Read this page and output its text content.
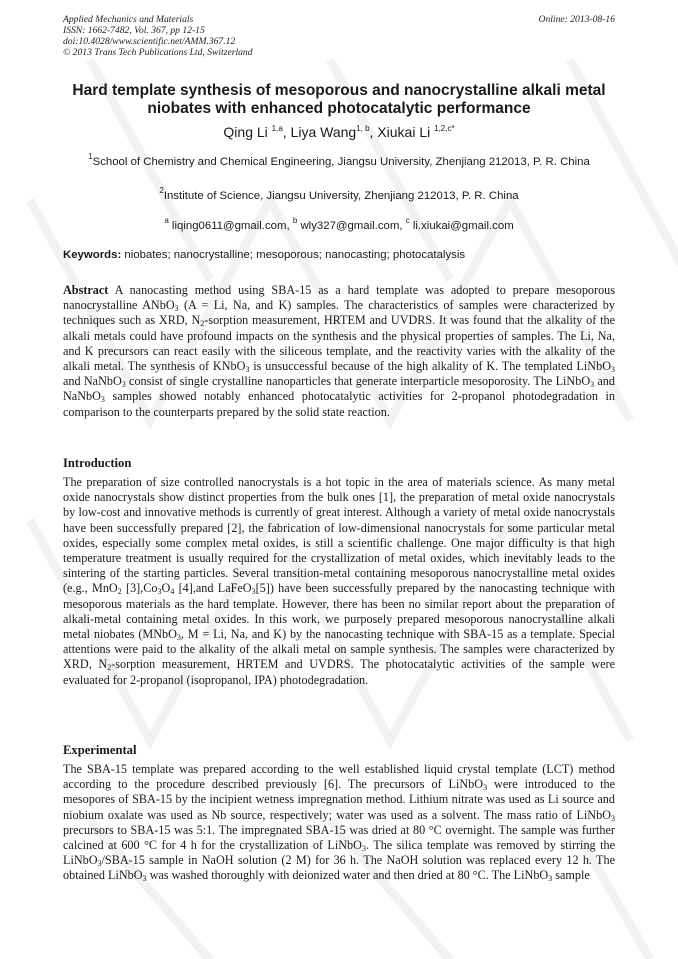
Applied Mechanics and Materials
ISSN: 1662-7482, Vol. 367, pp 12-15
doi:10.4028/www.scientific.net/AMM.367.12
© 2013 Trans Tech Publications Ltd, Switzerland
Online: 2013-08-16
Hard template synthesis of mesoporous and nanocrystalline alkali metal
niobates with enhanced photocatalytic performance
Qing Li $^{1,a}$, Liya Wang$^{1, b}$, Xiukai Li $^{1,2,c*}$
$^1$School of Chemistry and Chemical Engineering, Jiangsu University, Zhenjiang 212013, P. R. China
$^2$Institute of Science, Jiangsu University, Zhenjiang 212013, P. R. China
$^a$ liqing0611@gmail.com, $^b$ wly327@gmail.com, $^c$ li.xiukai@gmail.com
Keywords: niobates; nanocrystalline; mesoporous; nanocasting; photocatalysis
Abstract A nanocasting method using SBA-15 as a hard template was adopted to prepare mesoporous nanocrystalline ANbO$_3$ (A = Li, Na, and K) samples. The characteristics of samples were characterized by techniques such as XRD, $N_2$-sorption measurement, HRTEM and UVDRS. It was found that the alkality of the alkali metals could have profound impacts on the synthesis and the physical properties of samples. The Li, Na, and K precursors can react easily with the siliceous template, and the reactivity varies with the alkality of the alkali metal. The synthesis of KNbO$_3$ is unsuccessful because of the high alkality of K. The templated LiNbO$_3$ and NaNbO$_3$ consist of single crystalline nanoparticles that generate interparticle mesoporosity. The LiNbO$_3$ and NaNbO$_3$ samples showed notably enhanced photocatalytic activities for 2-propanol photodegradation in comparison to the counterparts prepared by the solid state reaction.
Introduction
The preparation of size controlled nanocrystals is a hot topic in the area of materials science. As many metal oxide nanocrystals show distinct properties from the bulk ones [1], the preparation of metal oxide nanocrystals by low-cost and innovative methods is currently of great interest. Although a variety of metal oxide nanocrystals have been successfully prepared [2], the fabrication of low-dimensional nanocrystals for some particular metal oxides, especially some complex metal oxides, is still a scientific challenge. One major difficulty is that high temperature treatment is usually required for the crystallization of metal oxides, which inevitably leads to the sintering of the starting particles. Several transition-metal containing mesoporous nanocrystalline metal oxides (e.g., MnO$_2$ $[3],Co_3O_4$ [4],and LaFeO$_3$[5]) have been successfully prepared by the nanocasting technique with mesoporous materials as the hard template. However, there has been no similar report about the preparation of alkali-metal containing metal oxides. In this work, we purposely prepared mesoporous nanocrystalline alkali metal niobates (MNbO$_3$, M = Li, Na, and K) by the nanocasting technique with SBA-15 as a template. Special attentions were paid to the alkality of the alkali metal on sample synthesis. The samples were characterized by XRD, $N_2$-sorption measurement, HRTEM and UVDRS. The photocatalytic activities of the sample were evaluated for 2-propanol (isopropanol, IPA) photodegradation.
Experimental
The SBA-15 template was prepared according to the well established liquid crystal template (LCT) method according to the procedure described previously [6]. The precursors of LiNbO$_3$ were introduced to the mesopores of SBA-15 by the incipient wetness impregnation method. Lithium nitrate was used as Li source and niobium oxalate was used as Nb source, respectively; water was used as a solvent. The mass ratio of LiNbO$_3$ precursors to SBA-15 was 5:1. The impregnated SBA-15 was dried at 80 °C overnight. The sample was further calcined at 600 °C for 4 h for the crystallization of LiNbO$_3$. The silica template was removed by stirring the LiNbO$_3$/SBA-15 sample in NaOH solution (2 M) for 36 h. The NaOH solution was replaced every 12 h. The obtained LiNbO$_3$ was washed thoroughly with deionized water and then dried at 80 °C. The LiNbO$_3$ sample
